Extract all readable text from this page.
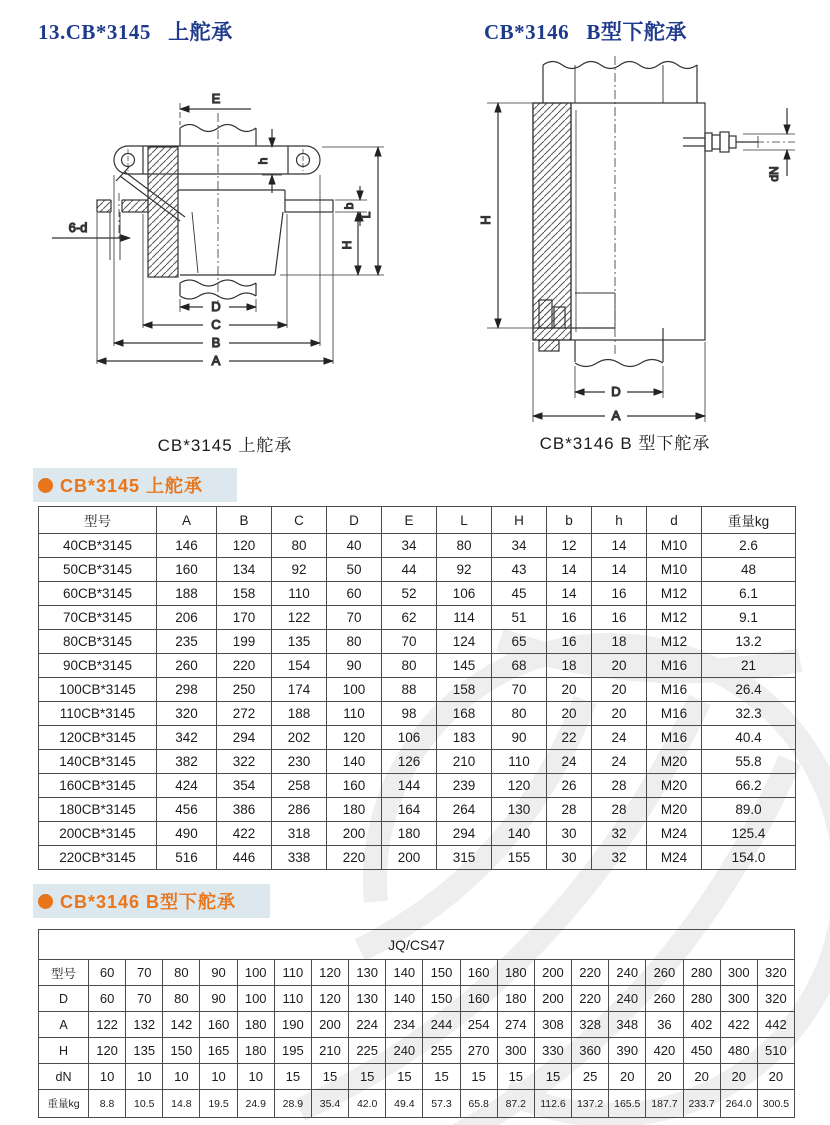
13.CB*3145   上舵承	CB*3146   B型下舵承
E
6-d
D
C
B
A
h
b
L
H
dN
H
D
A
CB*3145 上舵承	CB*3146 B 型下舵承
CB*3145 上舵承
型号	A	B	C	D	E	L	H	b	h	d	重量kg
40CB*3145	146	120	80	40	34	80	34	12	14	M10	2.6
50CB*3145	160	134	92	50	44	92	43	14	14	M10	48
60CB*3145	188	158	110	60	52	106	45	14	16	M12	6.1
70CB*3145	206	170	122	70	62	114	51	16	16	M12	9.1
80CB*3145	235	199	135	80	70	124	65	16	18	M12	13.2
90CB*3145	260	220	154	90	80	145	68	18	20	M16	21
100CB*3145	298	250	174	100	88	158	70	20	20	M16	26.4
110CB*3145	320	272	188	110	98	168	80	20	20	M16	32.3
120CB*3145	342	294	202	120	106	183	90	22	24	M16	40.4
140CB*3145	382	322	230	140	126	210	110	24	24	M20	55.8
160CB*3145	424	354	258	160	144	239	120	26	28	M20	66.2
180CB*3145	456	386	286	180	164	264	130	28	28	M20	89.0
200CB*3145	490	422	318	200	180	294	140	30	32	M24	125.4
220CB*3145	516	446	338	220	200	315	155	30	32	M24	154.0
CB*3146 B型下舵承
JQ/CS47																			
型号	60	70	80	90	100	110	120	130	140	150	160	180	200	220	240	260	280	300	320
D	60	70	80	90	100	110	120	130	140	150	160	180	200	220	240	260	280	300	320
A	122	132	142	160	180	190	200	224	234	244	254	274	308	328	348	36	402	422	442
H	120	135	150	165	180	195	210	225	240	255	270	300	330	360	390	420	450	480	510
dN	10	10	10	10	10	15	15	15	15	15	15	15	15	25	20	20	20	20	20
重量kg	8.8	10.5	14.8	19.5	24.9	28.9	35.4	42.0	49.4	57.3	65.8	87.2	112.6	137.2	165.5	187.7	233.7	264.0	300.5
